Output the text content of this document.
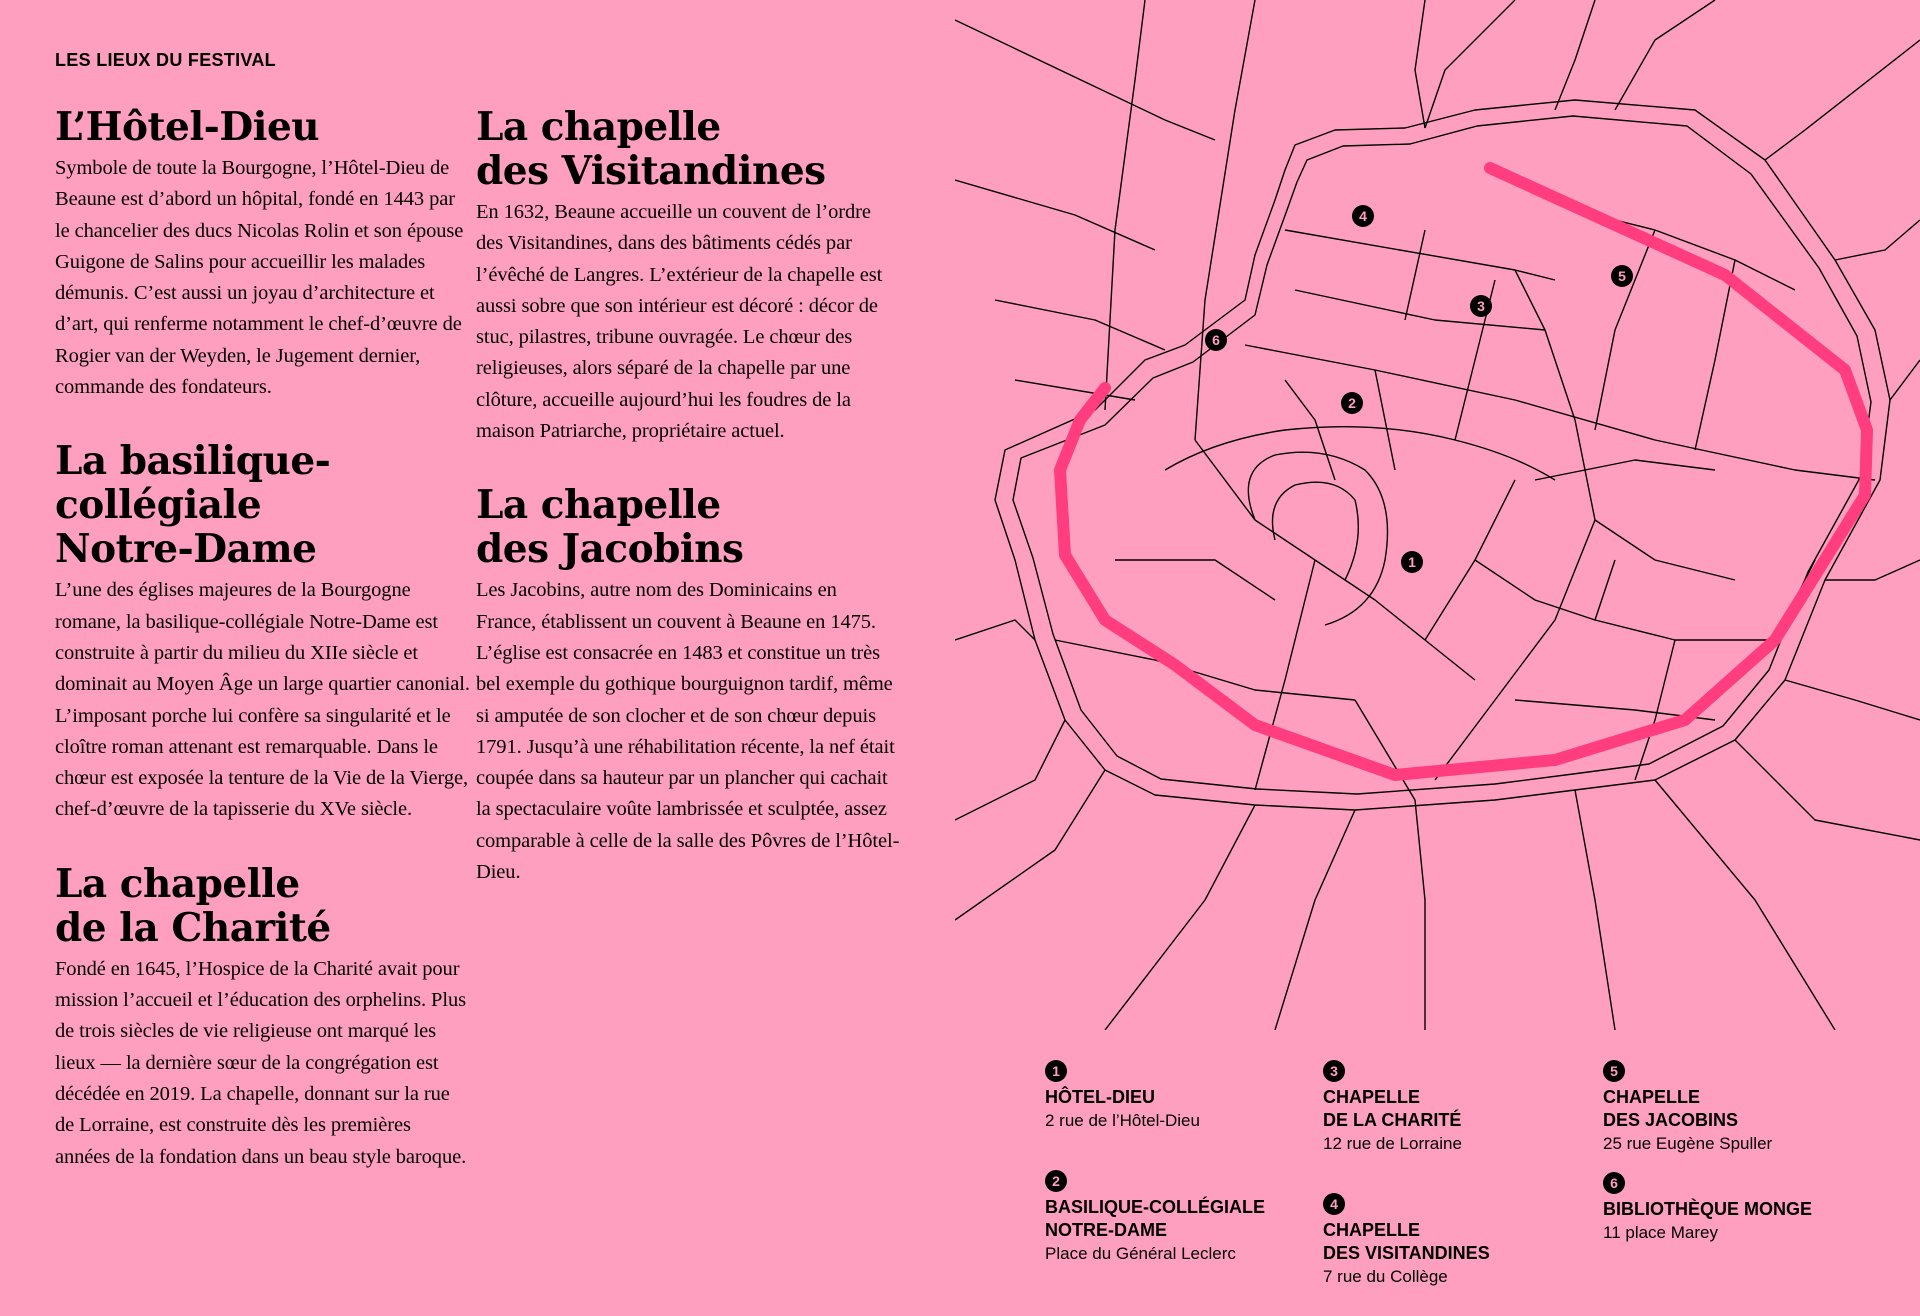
LES LIEUX DU FESTIVAL
L’Hôtel-Dieu

Symbole de toute la Bourgogne, l’Hôtel-Dieu de Beaune est d’abord un hôpital, fondé en 1443 par le chancelier des ducs Nicolas Rolin et son épouse Guigone de Salins pour accueillir les malades démunis. C’est aussi un joyau d’architecture et d’art, qui renferme notamment le chef-d’œuvre de Rogier van der Weyden, le Jugement dernier, commande des fondateurs.

La basilique-collégiale
Notre-Dame

L’une des églises majeures de la Bourgogne romane, la basilique-collégiale Notre-Dame est construite à partir du milieu du XIIe siècle et dominait au Moyen Âge un large quartier canonial. L’imposant porche lui confère sa singularité et le cloître roman attenant est remarquable. Dans le chœur est exposée la tenture de la Vie de la Vierge, chef-d’œuvre de la tapisserie du XVe siècle.

La chapelle
de la Charité

Fondé en 1645, l’Hospice de la Charité avait pour mission l’accueil et l’éducation des orphelins. Plus de trois siècles de vie religieuse ont marqué les lieux — la dernière sœur de la congrégation est décédée en 2019. La chapelle, donnant sur la rue de Lorraine, est construite dès les premières années de la fondation dans un beau style baroque.

La chapelle
des Visitandines

En 1632, Beaune accueille un couvent de l’ordre des Visitandines, dans des bâtiments cédés par l’évêché de Langres. L’extérieur de la chapelle est aussi sobre que son intérieur est décoré : décor de stuc, pilastres, tribune ouvragée. Le chœur des religieuses, alors séparé de la chapelle par une clôture, accueille aujourd’hui les foudres de la maison Patriarche, propriétaire actuel.

La chapelle
des Jacobins

Les Jacobins, autre nom des Dominicains en France, établissent un couvent à Beaune en 1475. L’église est consacrée en 1483 et constitue un très bel exemple du gothique bourguignon tardif, même si amputée de son clocher et de son chœur depuis 1791. Jusqu’à une réhabilitation récente, la nef était coupée dans sa hauteur par un plancher qui cachait la spectaculaire voûte lambrissée et sculptée, assez comparable à celle de la salle des Pôvres de l’Hôtel-Dieu.

1
2
3
4
5
6
1
HÔTEL-DIEU
2 rue de l’Hôtel-Dieu
2
BASILIQUE-COLLÉGIALE
NOTRE-DAME
Place du Général Leclerc
3
CHAPELLE
DE LA CHARITÉ
12 rue de Lorraine
4
CHAPELLE
DES VISITANDINES
7 rue du Collège
5
CHAPELLE
DES JACOBINS
25 rue Eugène Spuller
6
BIBLIOTHÈQUE MONGE
11 place Marey
